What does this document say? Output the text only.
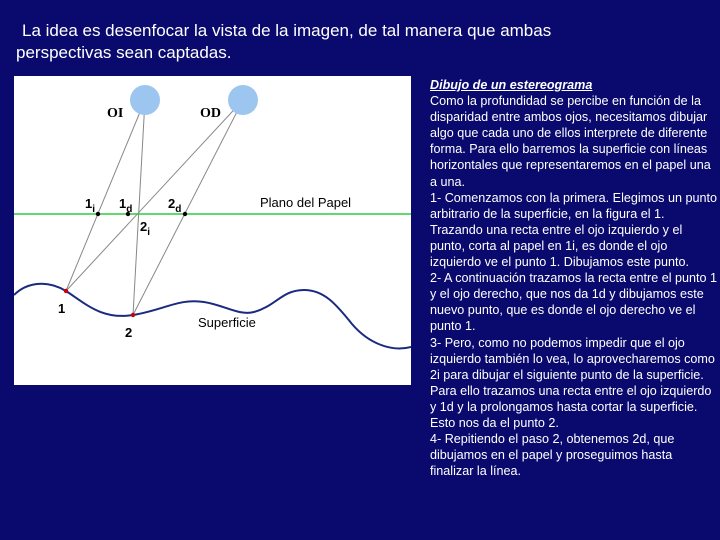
La idea es desenfocar la vista de la imagen, de tal manera que ambas

perspectivas sean captadas.
OI	OD
Plano del Papel
Superficie
$1_i$ $1_d$	$2_d$
$2_i$
1
2

Dibujo de un estereograma

Como la profundidad se percibe en función de la disparidad entre ambos ojos, necesitamos dibujar algo que cada uno de ellos interprete de diferente forma. Para ello barremos la superficie con líneas horizontales que representaremos en el papel una a una.

1- Comenzamos con la primera. Elegimos un punto arbitrario de la superficie, en la figura el 1. Trazando una recta entre el ojo izquierdo y el punto, corta al papel en 1i, es donde el ojo izquierdo ve el punto 1. Dibujamos este punto.

2- A continuación trazamos la recta entre el punto 1 y el ojo derecho, que nos da 1d y dibujamos este nuevo punto, que es donde el ojo derecho ve el punto 1.

3- Pero, como no podemos impedir que el ojo izquierdo también lo vea, lo aprovecharemos como 2i para dibujar el siguiente punto de la superficie. Para ello trazamos una recta entre el ojo izquierdo y 1d y la prolongamos hasta cortar la superficie. Esto nos da el punto 2.

4- Repitiendo el paso 2, obtenemos 2d, que dibujamos en el papel y proseguimos hasta finalizar la línea.
